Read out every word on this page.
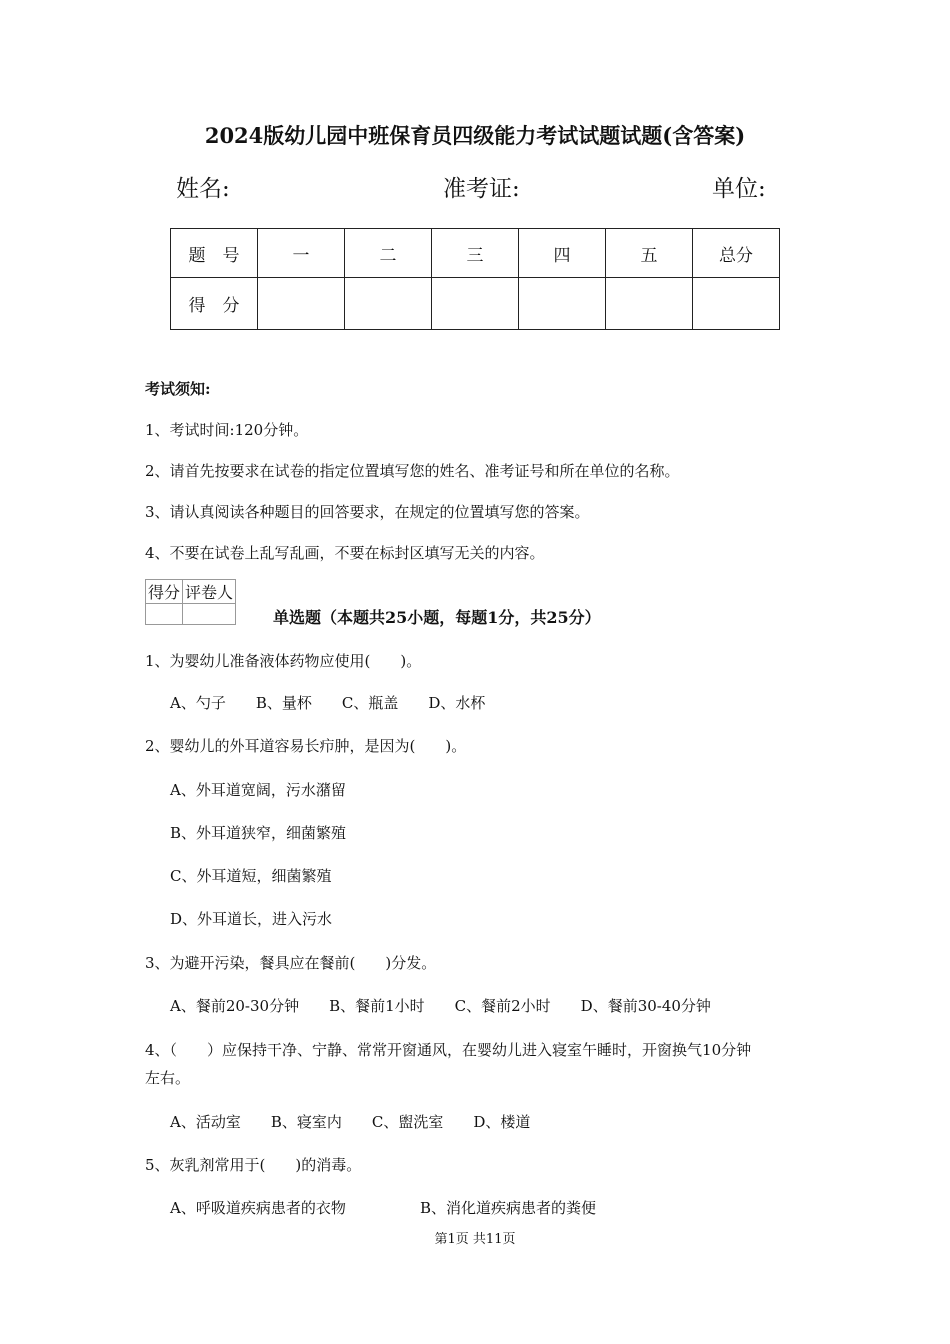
2024版幼儿园中班保育员四级能力考试试题试题(含答案)
姓名:	准考证:	单位:
题　号	一	二	三	四	五	总分
得　分						
考试须知:
1、考试时间:120分钟。
2、请首先按要求在试卷的指定位置填写您的姓名、准考证号和所在单位的名称。
3、请认真阅读各种题目的回答要求，在规定的位置填写您的答案。
4、不要在试卷上乱写乱画，不要在标封区填写无关的内容。
得分	评卷人

单选题（本题共25小题，每题1分，共25分）
1、为婴幼儿准备液体药物应使用(　　)。
A、勺子　　B、量杯　　C、瓶盖　　D、水杯
2、婴幼儿的外耳道容易长疖肿，是因为(　　)。
A、外耳道宽阔，污水潴留
B、外耳道狭窄，细菌繁殖
C、外耳道短，细菌繁殖
D、外耳道长，进入污水
3、为避开污染，餐具应在餐前(　　)分发。
A、餐前20-30分钟　　B、餐前1小时　　C、餐前2小时　　D、餐前30-40分钟
4、（　　）应保持干净、宁静、常常开窗通风，在婴幼儿进入寝室午睡时，开窗换气10分钟
左右。
A、活动室　　B、寝室内　　C、盥洗室　　D、楼道
5、灰乳剂常用于(　　)的消毒。
A、呼吸道疾病患者的衣物	B、消化道疾病患者的粪便
第1页 共11页
